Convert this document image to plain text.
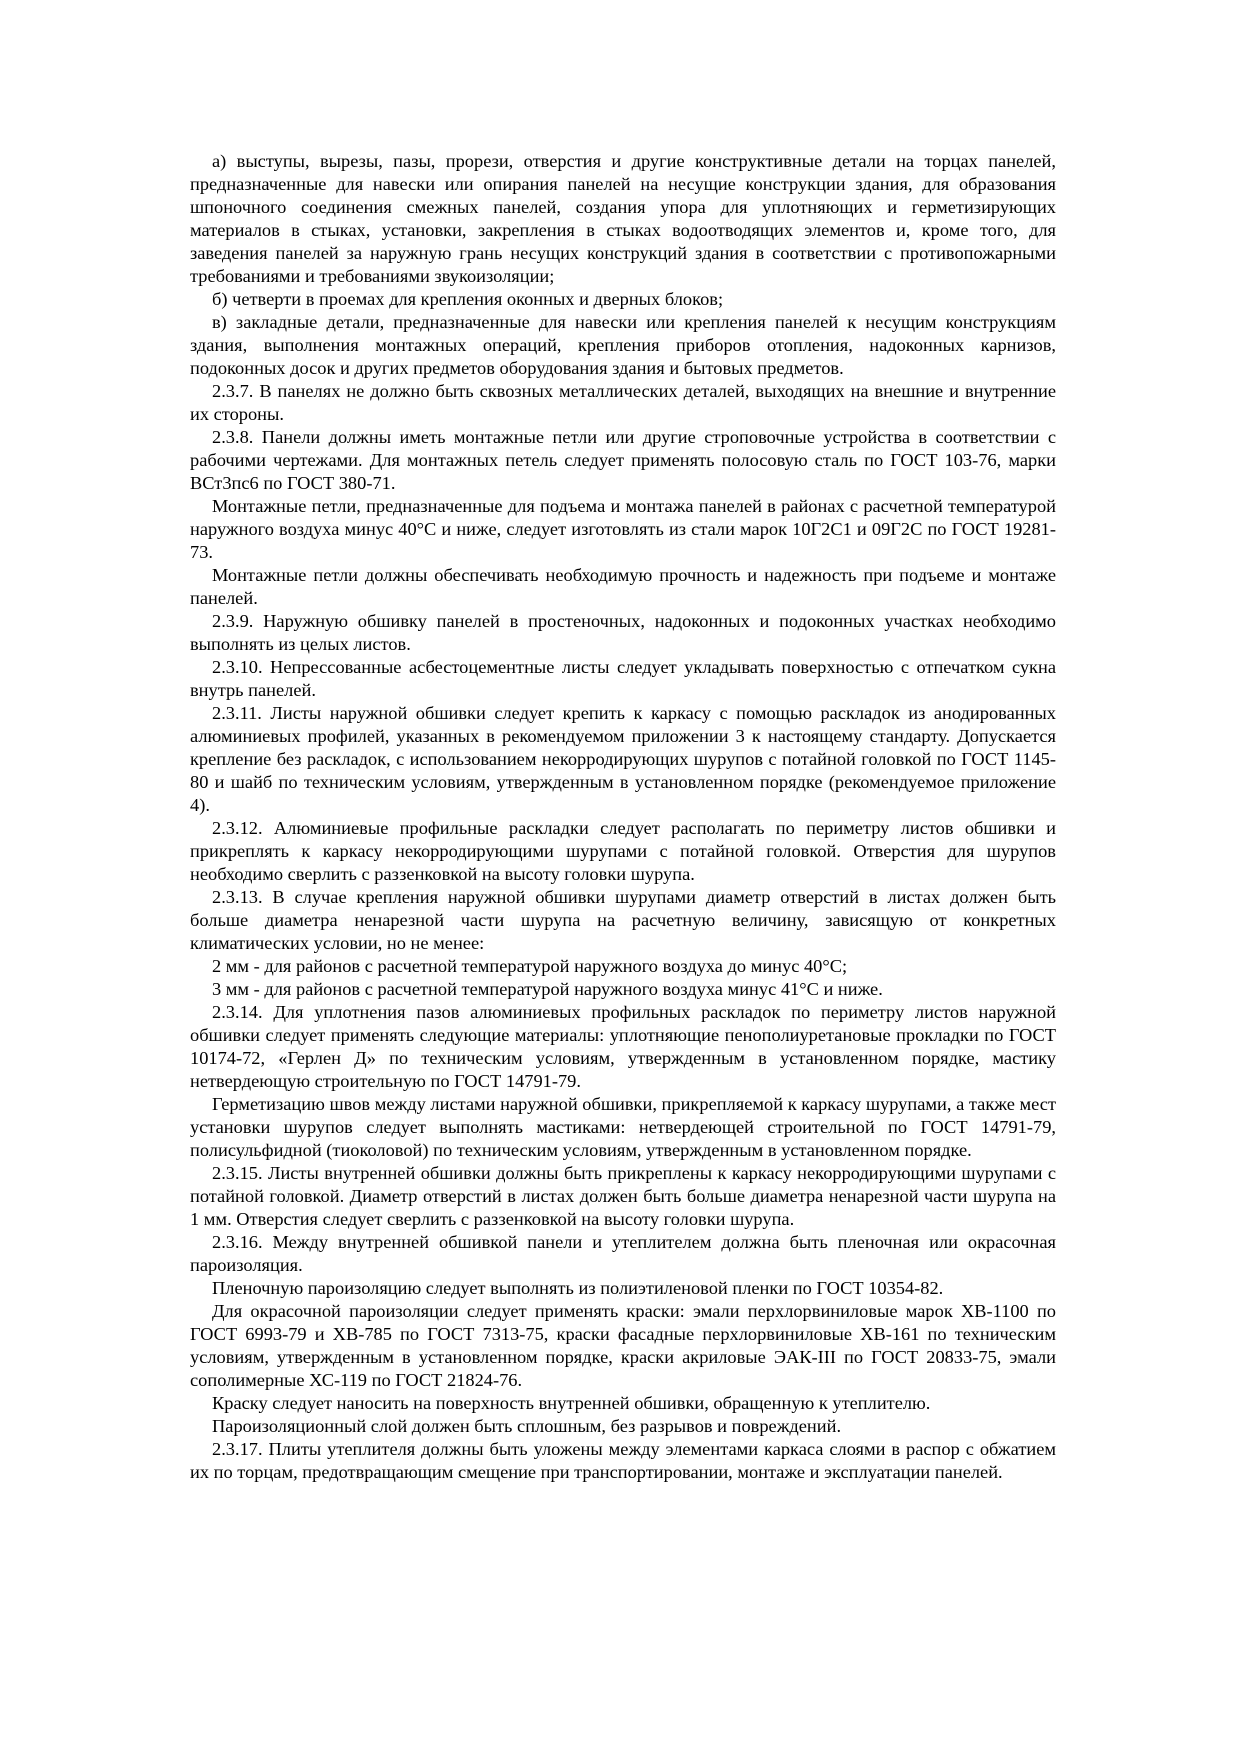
а) выступы, вырезы, пазы, прорези, отверстия и другие конструктивные детали на торцах панелей, предназначенные для навески или опирания панелей на несущие конструкции здания, для образования шпоночного соединения смежных панелей, создания упора для уплотняющих и герметизирующих материалов в стыках, установки, закрепления в стыках водоотводящих элементов и, кроме того, для заведения панелей за наружную грань несущих конструкций здания в соответствии с противопожарными требованиями и требованиями звукоизоляции;

б) четверти в проемах для крепления оконных и дверных блоков;

в) закладные детали, предназначенные для навески или крепления панелей к несущим конструкциям здания, выполнения монтажных операций, крепления приборов отопления, надоконных карнизов, подоконных досок и других предметов оборудования здания и бытовых предметов.

2.3.7. В панелях не должно быть сквозных металлических деталей, выходящих на внешние и внутренние их стороны.

2.3.8. Панели должны иметь монтажные петли или другие строповочные устройства в соответствии с рабочими чертежами. Для монтажных петель следует применять полосовую сталь по ГОСТ 103-76, марки ВСт3пс6 по ГОСТ 380-71.

Монтажные петли, предназначенные для подъема и монтажа панелей в районах с расчетной температурой наружного воздуха минус 40°С и ниже, следует изготовлять из стали марок 10Г2С1 и 09Г2С по ГОСТ 19281-73.

Монтажные петли должны обеспечивать необходимую прочность и надежность при подъеме и монтаже панелей.

2.3.9. Наружную обшивку панелей в простеночных, надоконных и подоконных участках необходимо выполнять из целых листов.

2.3.10. Непрессованные асбестоцементные листы следует укладывать поверхностью с отпечатком сукна внутрь панелей.

2.3.11. Листы наружной обшивки следует крепить к каркасу с помощью раскладок из анодированных алюминиевых профилей, указанных в рекомендуемом приложении 3 к настоящему стандарту. Допускается крепление без раскладок, с использованием некорродирующих шурупов с потайной головкой по ГОСТ 1145-80 и шайб по техническим условиям, утвержденным в установленном порядке (рекомендуемое приложение 4).

2.3.12. Алюминиевые профильные раскладки следует располагать по периметру листов обшивки и прикреплять к каркасу некорродирующими шурупами с потайной головкой. Отверстия для шурупов необходимо сверлить с раззенковкой на высоту головки шурупа.

2.3.13. В случае крепления наружной обшивки шурупами диаметр отверстий в листах должен быть больше диаметра ненарезной части шурупа на расчетную величину, зависящую от конкретных климатических условии, но не менее:

2 мм - для районов с расчетной температурой наружного воздуха до минус 40°С;

3 мм - для районов с расчетной температурой наружного воздуха минус 41°С и ниже.

2.3.14. Для уплотнения пазов алюминиевых профильных раскладок по периметру листов наружной обшивки следует применять следующие материалы: уплотняющие пенополиуретановые прокладки по ГОСТ 10174-72, «Герлен Д» по техническим условиям, утвержденным в установленном порядке, мастику нетвердеющую строительную по ГОСТ 14791-79.

Герметизацию швов между листами наружной обшивки, прикрепляемой к каркасу шурупами, а также мест установки шурупов следует выполнять мастиками: нетвердеющей строительной по ГОСТ 14791-79, полисульфидной (тиоколовой) по техническим условиям, утвержденным в установленном порядке.

2.3.15. Листы внутренней обшивки должны быть прикреплены к каркасу некорродирующими шурупами с потайной головкой. Диаметр отверстий в листах должен быть больше диаметра ненарезной части шурупа на 1 мм. Отверстия следует сверлить с раззенковкой на высоту головки шурупа.

2.3.16. Между внутренней обшивкой панели и утеплителем должна быть пленочная или окрасочная пароизоляция.

Пленочную пароизоляцию следует выполнять из полиэтиленовой пленки по ГОСТ 10354-82.

Для окрасочной пароизоляции следует применять краски: эмали перхлорвиниловые марок ХВ-1100 по ГОСТ 6993-79 и ХВ-785 по ГОСТ 7313-75, краски фасадные перхлорвиниловые ХВ-161 по техническим условиям, утвержденным в установленном порядке, краски акриловые ЭАК-III по ГОСТ 20833-75, эмали сополимерные ХС-119 по ГОСТ 21824-76.

Краску следует наносить на поверхность внутренней обшивки, обращенную к утеплителю.

Пароизоляционный слой должен быть сплошным, без разрывов и повреждений.

2.3.17. Плиты утеплителя должны быть уложены между элементами каркаса слоями в распор с обжатием их по торцам, предотвращающим смещение при транспортировании, монтаже и эксплуатации панелей.
